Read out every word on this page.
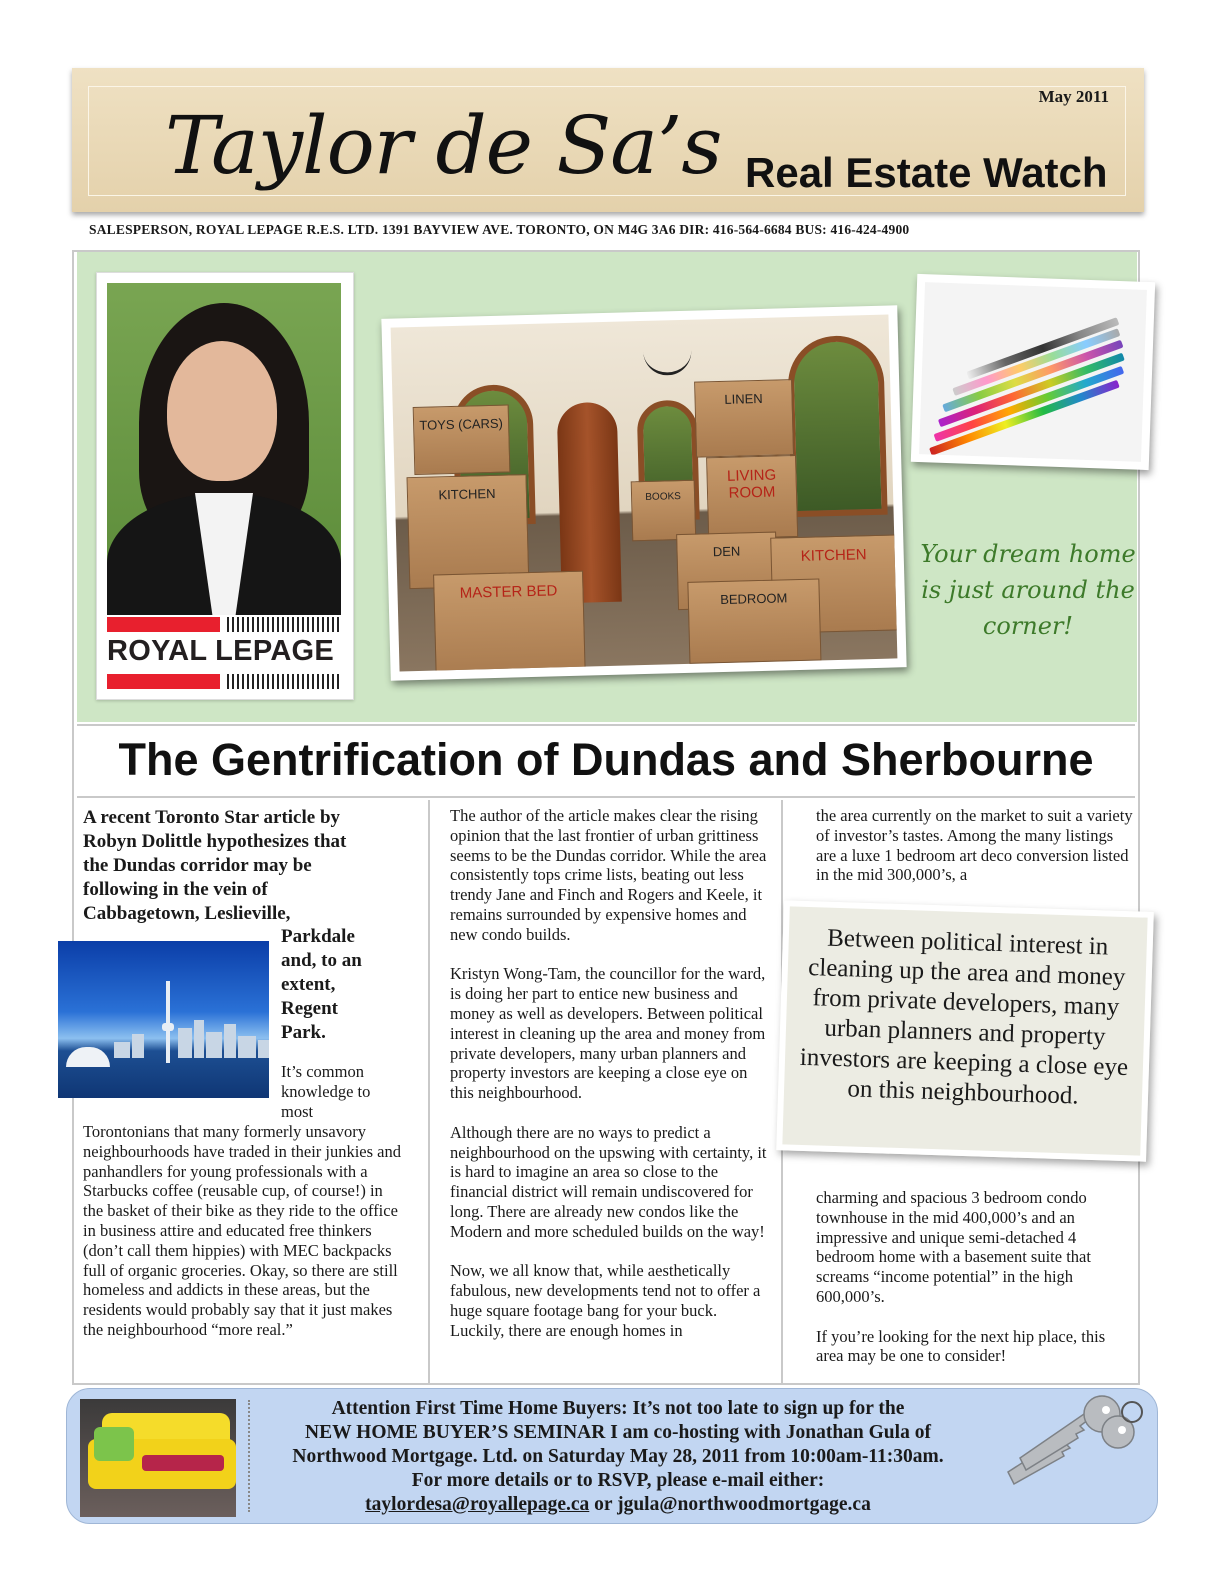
May 2011
Taylor de Sa’s Real Estate Watch
SALESPERSON, ROYAL LEPAGE R.E.S. LTD. 1391 BAYVIEW AVE. TORONTO, ON M4G 3A6 DIR: 416-564-6684 BUS: 416-424-4900
ROYAL LEPAGE
TOYS (CARS)
LINEN
KITCHEN
LIVING ROOM
BOOKS
DEN	KITCHEN
MASTER BED	BEDROOM
Your dream home
is just around the
corner!
The Gentrification of Dundas and Sherbourne
A recent Toronto Star article by
Robyn Dolittle hypothesizes that
the Dundas corridor may be
following in the vein of
Cabbagetown, Leslieville,
Parkdale
and, to an
extent,
Regent
Park.
It’s common
knowledge to
most

Torontonians that many formerly unsavory neighbourhoods have traded in their junkies and panhandlers for young professionals with a Starbucks coffee (reusable cup, of course!) in the basket of their bike as they ride to the office in business attire and educated free thinkers (don’t call them hippies) with MEC backpacks full of organic groceries. Okay, so there are still homeless and addicts in these areas, but the residents would probably say that it just makes the neighbourhood “more real.”

The author of the article makes clear the rising opinion that the last frontier of urban grittiness seems to be the Dundas corridor. While the area consistently tops crime lists, beating out less trendy Jane and Finch and Rogers and Keele, it remains surrounded by expensive homes and new condo builds.

Kristyn Wong-Tam, the councillor for the ward, is doing her part to entice new business and money as well as developers. Between political interest in cleaning up the area and money from private developers, many urban planners and property investors are keeping a close eye on this neighbourhood.

Although there are no ways to predict a neighbourhood on the upswing with certainty, it is hard to imagine an area so close to the financial district will remain undiscovered for long. There are already new condos like the Modern and more scheduled builds on the way!

Now, we all know that, while aesthetically fabulous, new developments tend not to offer a huge square footage bang for your buck. Luckily, there are enough homes in

the area currently on the market to suit a variety of investor’s tastes. Among the many listings are a luxe 1 bedroom art deco conversion listed in the mid 300,000’s, a

Between political interest in cleaning up the area and money from private developers, many urban planners and property investors are keeping a close eye on this neighbourhood.

charming and spacious 3 bedroom condo townhouse in the mid 400,000’s and an impressive and unique semi-detached 4 bedroom home with a basement suite that screams “income potential” in the high 600,000’s.

If you’re looking for the next hip place, this area may be one to consider!

Attention First Time Home Buyers: It’s not too late to sign up for the
NEW HOME BUYER’S SEMINAR I am co-hosting with Jonathan Gula of
Northwood Mortgage. Ltd. on Saturday May 28, 2011 from 10:00am-11:30am.
For more details or to RSVP, please e-mail either:
taylordesa@royallepage.ca or jgula@northwoodmortgage.ca
